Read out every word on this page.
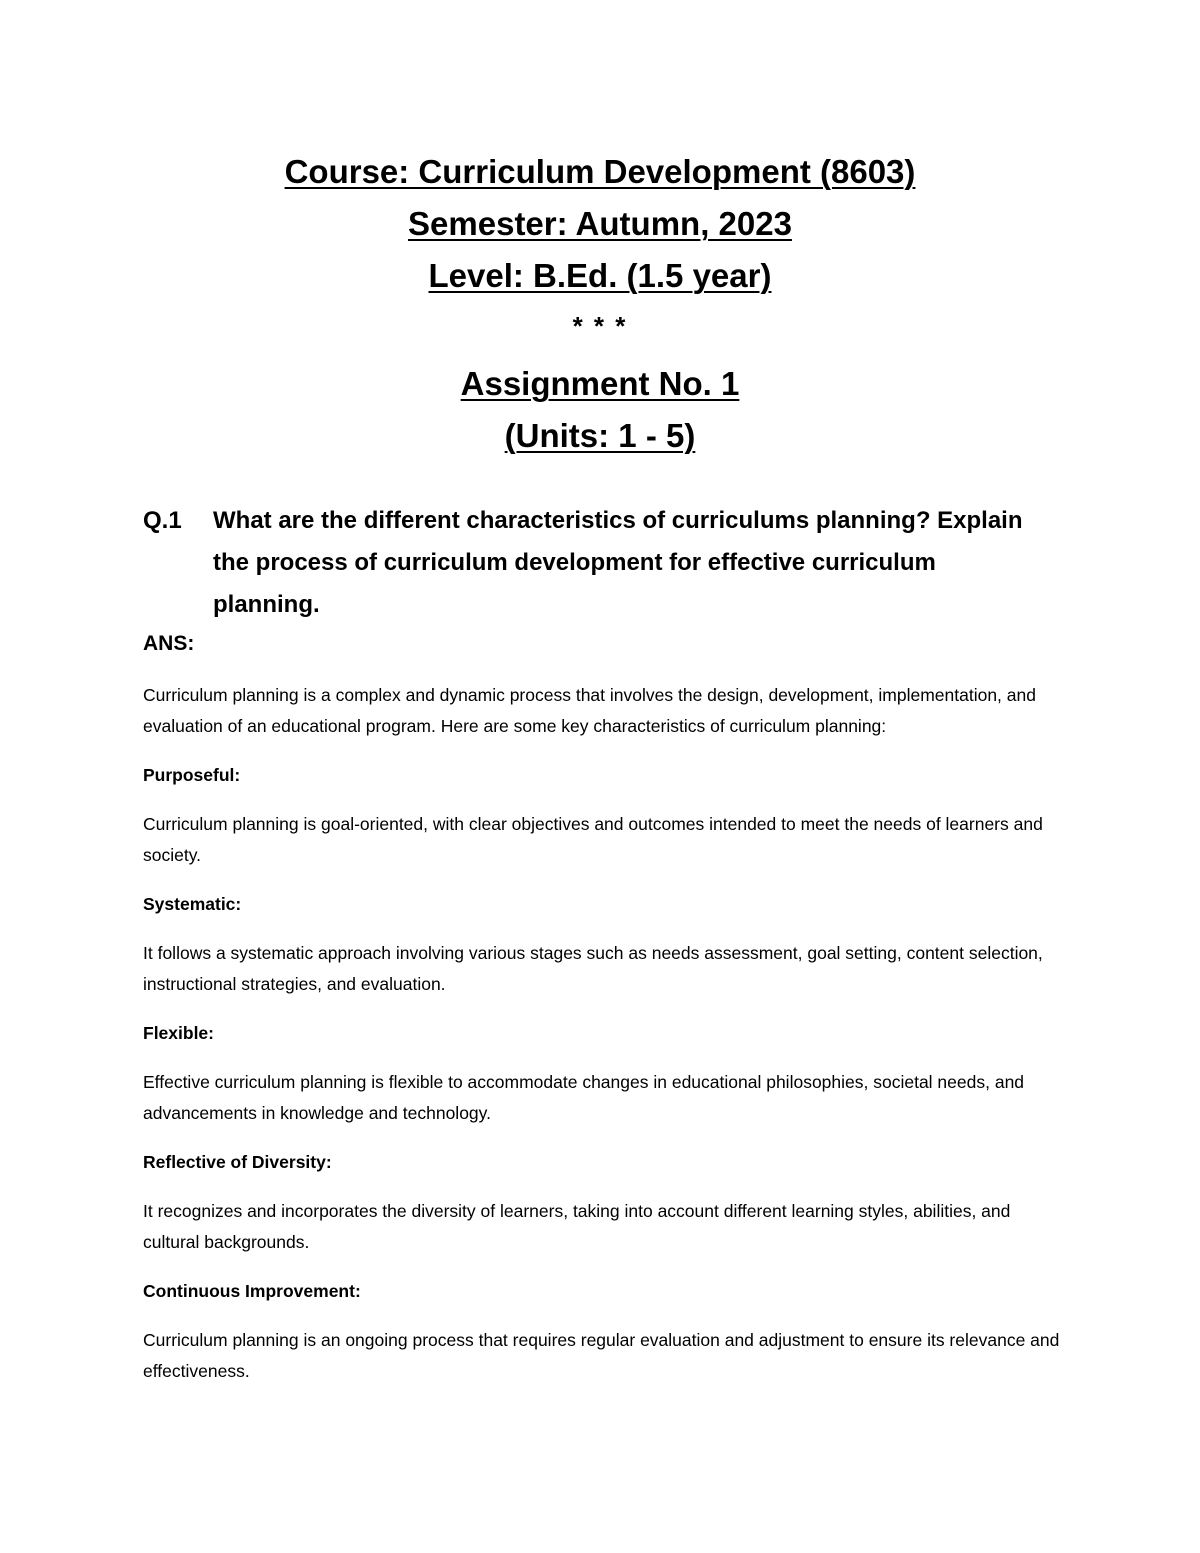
Course: Curriculum Development (8603)
Semester: Autumn, 2023
Level: B.Ed. (1.5 year)
* * *
Assignment No. 1
(Units: 1 - 5)
Q.1	What are the different characteristics of curriculums planning? Explain the process of curriculum development for effective curriculum planning.
ANS:

Curriculum planning is a complex and dynamic process that involves the design, development, implementation, and evaluation of an educational program. Here are some key characteristics of curriculum planning:

Purposeful:

Curriculum planning is goal-oriented, with clear objectives and outcomes intended to meet the needs of learners and society.

Systematic:

It follows a systematic approach involving various stages such as needs assessment, goal setting, content selection, instructional strategies, and evaluation.

Flexible:

Effective curriculum planning is flexible to accommodate changes in educational philosophies, societal needs, and advancements in knowledge and technology.

Reflective of Diversity:

It recognizes and incorporates the diversity of learners, taking into account different learning styles, abilities, and cultural backgrounds.

Continuous Improvement:

Curriculum planning is an ongoing process that requires regular evaluation and adjustment to ensure its relevance and effectiveness.
